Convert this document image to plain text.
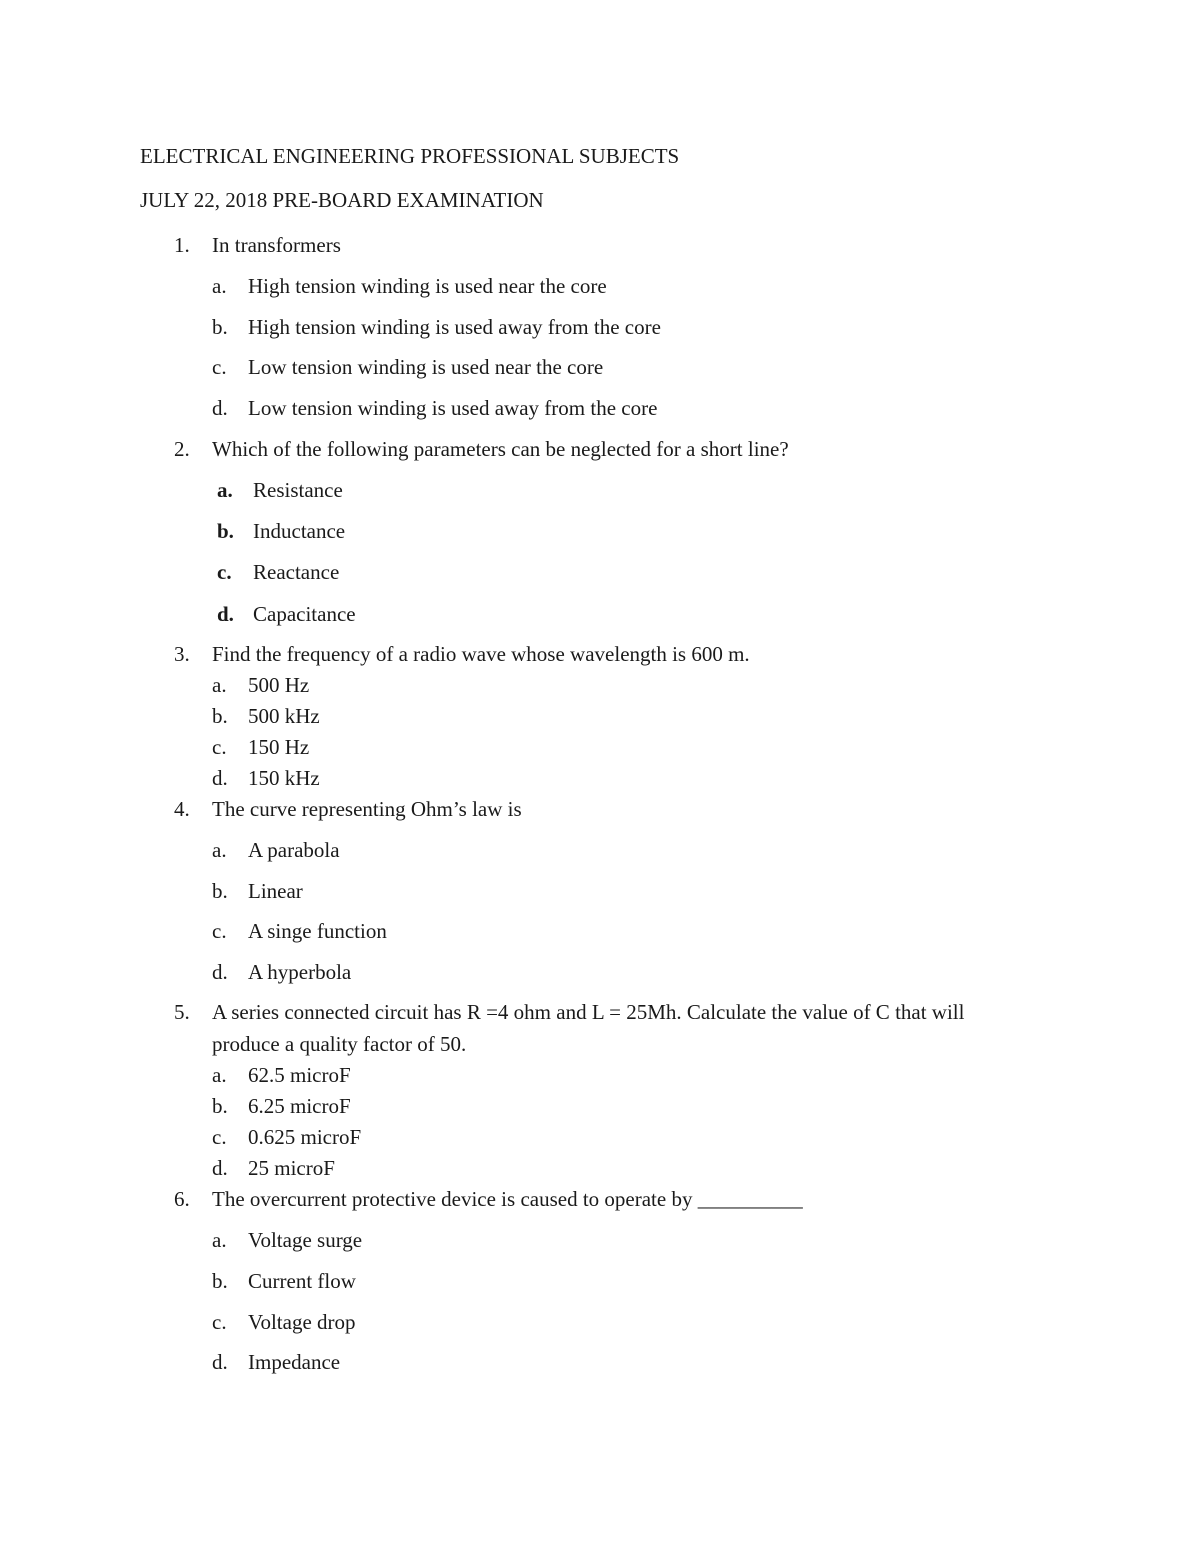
ELECTRICAL ENGINEERING PROFESSIONAL SUBJECTS
JULY 22, 2018 PRE-BOARD EXAMINATION
1. In transformers
a. High tension winding is used near the core
b. High tension winding is used away from the core
c. Low tension winding is used near the core
d. Low tension winding is used away from the core
2. Which of the following parameters can be neglected for a short line?
a. Resistance
b. Inductance
c. Reactance
d. Capacitance
3. Find the frequency of a radio wave whose wavelength is 600 m.
a. 500 Hz
b. 500 kHz
c. 150 Hz
d. 150 kHz
4. The curve representing Ohm’s law is
a. A parabola
b. Linear
c. A singe function
d. A hyperbola
5. A series connected circuit has R =4 ohm and L = 25Mh. Calculate the value of C that will
produce a quality factor of 50.
a. 62.5 microF
b. 6.25 microF
c. 0.625 microF
d. 25 microF
6. The overcurrent protective device is caused to operate by __________
a. Voltage surge
b. Current flow
c. Voltage drop
d. Impedance
